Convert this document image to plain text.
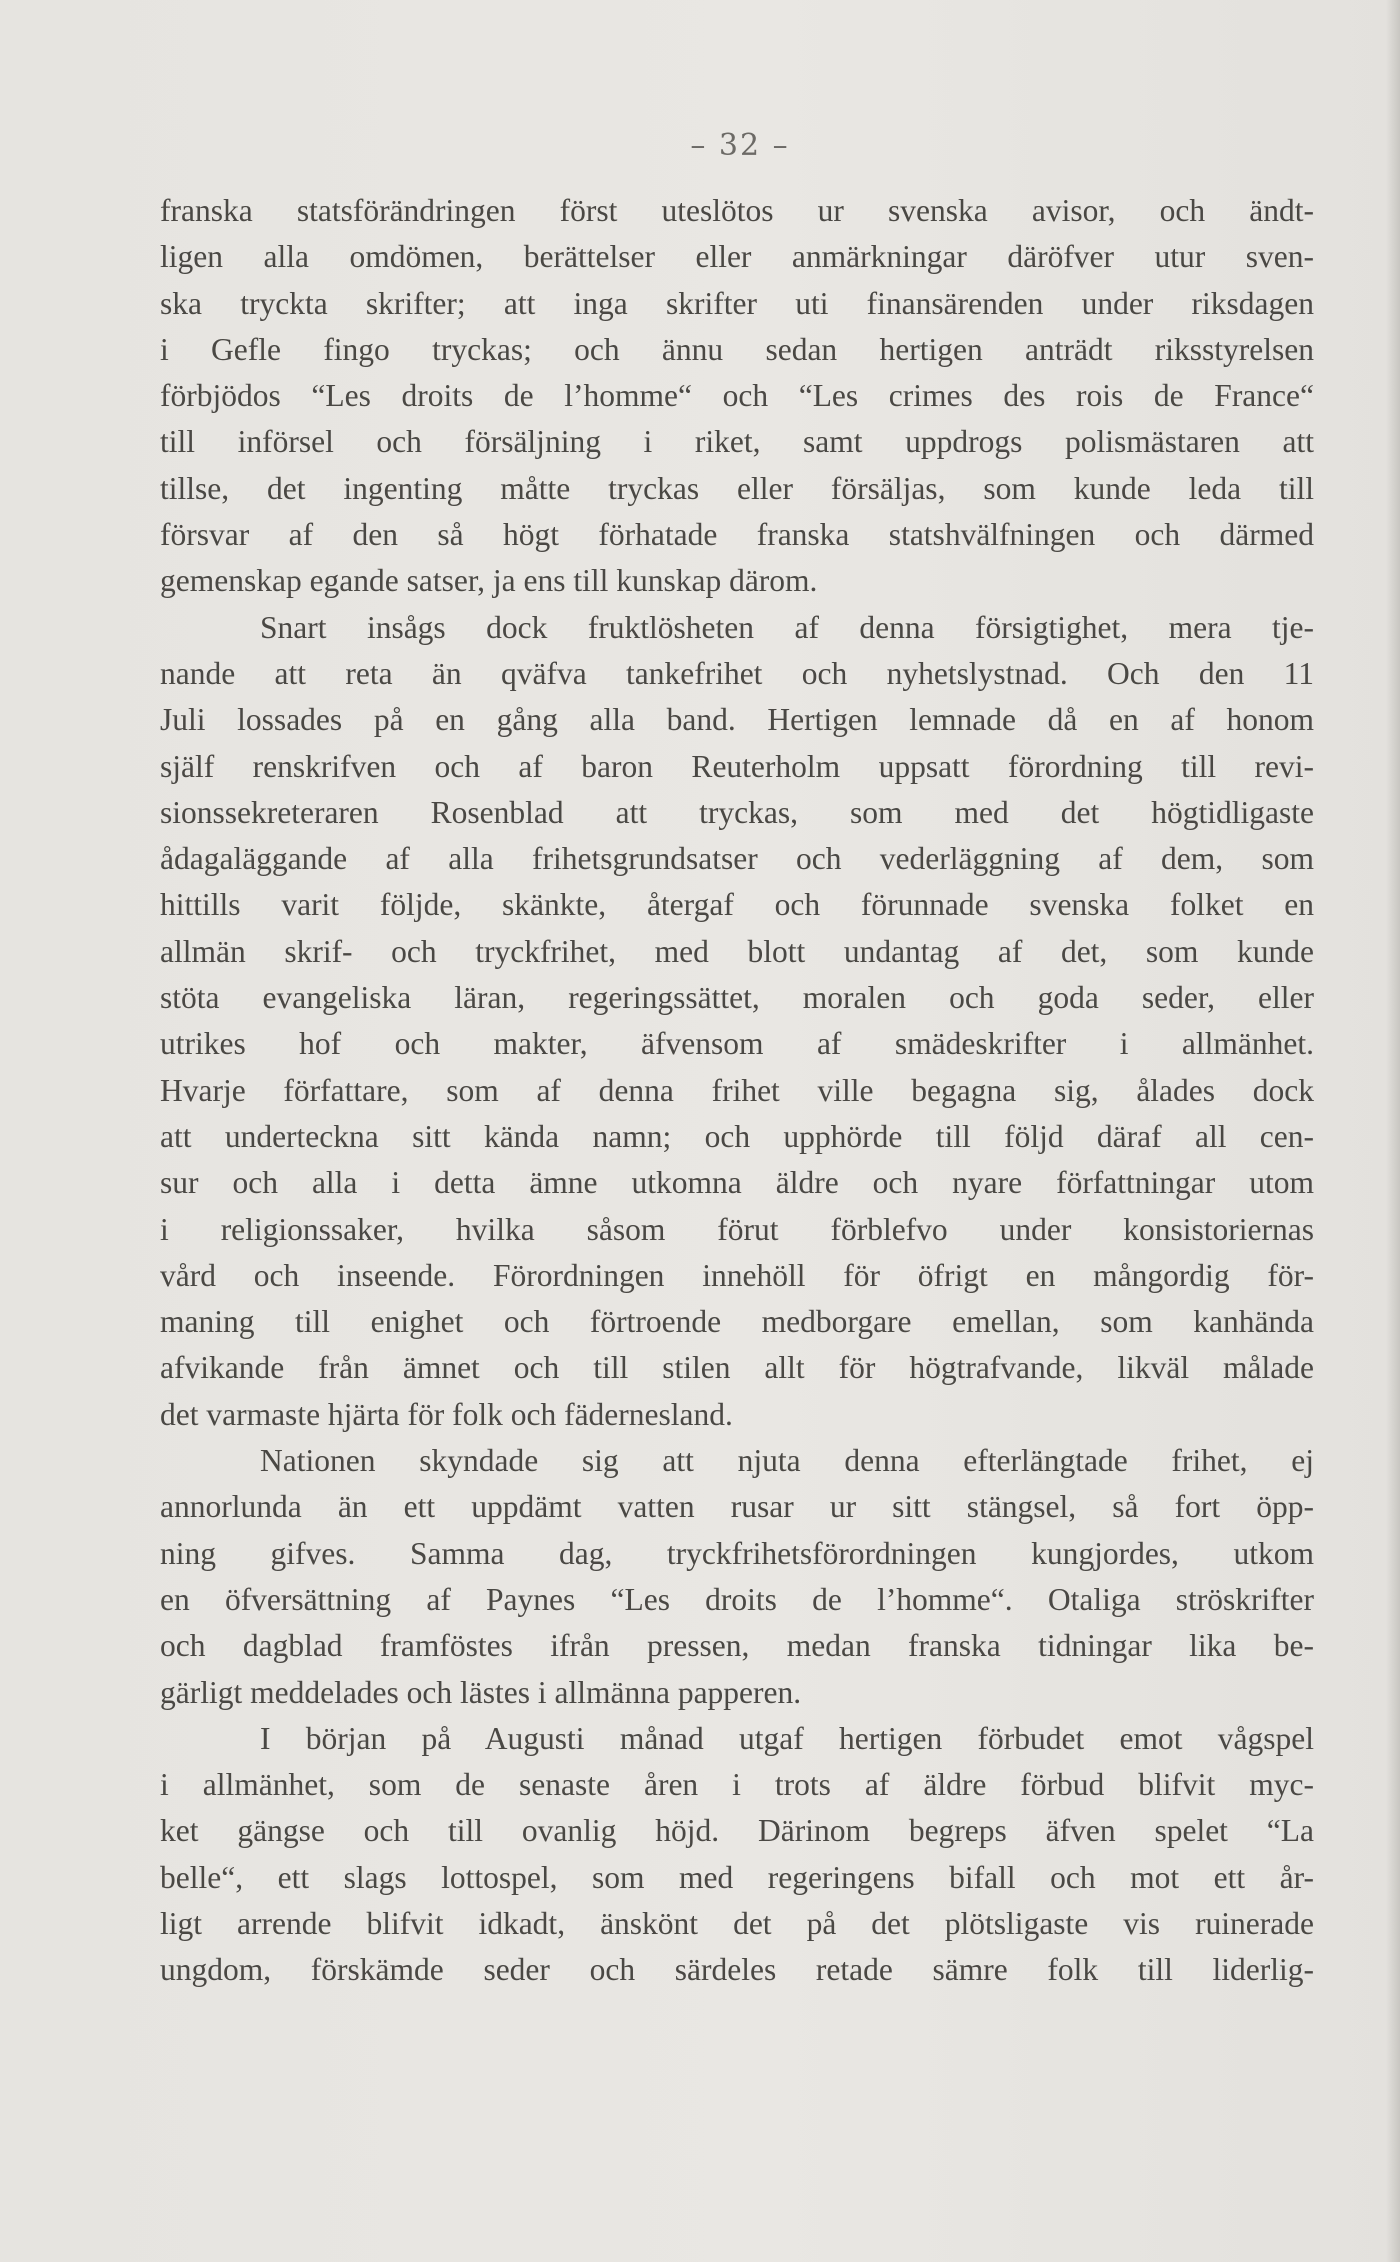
– 32 –
franska statsförändringen först uteslötos ur svenska avisor, och ändt-
ligen alla omdömen, berättelser eller anmärkningar däröfver utur sven-
ska tryckta skrifter; att inga skrifter uti finansärenden under riksdagen
i Gefle fingo tryckas; och ännu sedan hertigen anträdt riksstyrelsen
förbjödos “Les droits de l’homme“ och “Les crimes des rois de France“
till införsel och försäljning i riket, samt uppdrogs polismästaren att
tillse, det ingenting måtte tryckas eller försäljas, som kunde leda till
försvar af den så högt förhatade franska statshvälfningen och därmed
gemenskap egande satser, ja ens till kunskap därom.
Snart insågs dock fruktlösheten af denna försigtighet, mera tje-
nande att reta än qväfva tankefrihet och nyhetslystnad. Och den 11
Juli lossades på en gång alla band. Hertigen lemnade då en af honom
själf renskrifven och af baron Reuterholm uppsatt förordning till revi-
sionssekreteraren Rosenblad att tryckas, som med det högtidligaste
ådagaläggande af alla frihetsgrundsatser och vederläggning af dem, som
hittills varit följde, skänkte, återgaf och förunnade svenska folket en
allmän skrif- och tryckfrihet, med blott undantag af det, som kunde
stöta evangeliska läran, regeringssättet, moralen och goda seder, eller
utrikes hof och makter, äfvensom af smädeskrifter i allmänhet.
Hvarje författare, som af denna frihet ville begagna sig, ålades dock
att underteckna sitt kända namn; och upphörde till följd däraf all cen-
sur och alla i detta ämne utkomna äldre och nyare författningar utom
i religionssaker, hvilka såsom förut förblefvo under konsistoriernas
vård och inseende. Förordningen innehöll för öfrigt en mångordig för-
maning till enighet och förtroende medborgare emellan, som kanhända
afvikande från ämnet och till stilen allt för högtrafvande, likväl målade
det varmaste hjärta för folk och fädernesland.
Nationen skyndade sig att njuta denna efterlängtade frihet, ej
annorlunda än ett uppdämt vatten rusar ur sitt stängsel, så fort öpp-
ning gifves. Samma dag, tryckfrihetsförordningen kungjordes, utkom
en öfversättning af Paynes “Les droits de l’homme“. Otaliga ströskrifter
och dagblad framföstes ifrån pressen, medan franska tidningar lika be-
gärligt meddelades och lästes i allmänna papperen.
I början på Augusti månad utgaf hertigen förbudet emot vågspel
i allmänhet, som de senaste åren i trots af äldre förbud blifvit myc-
ket gängse och till ovanlig höjd. Därinom begreps äfven spelet “La
belle“, ett slags lottospel, som med regeringens bifall och mot ett år-
ligt arrende blifvit idkadt, änskönt det på det plötsligaste vis ruinerade
ungdom, förskämde seder och särdeles retade sämre folk till liderlig-
